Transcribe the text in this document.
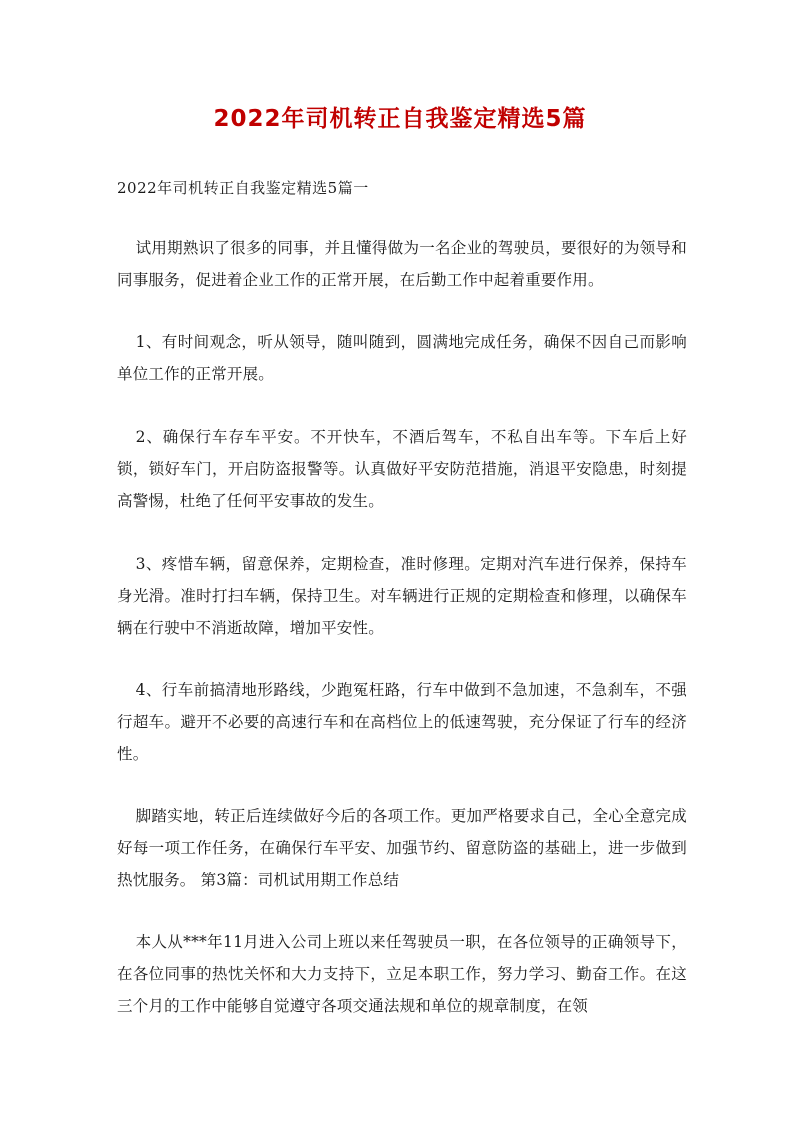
2022年司机转正自我鉴定精选5篇
2022年司机转正自我鉴定精选5篇一
试用期熟识了很多的同事，并且懂得做为一名企业的驾驶员，要很好的为领导和同事服务，促进着企业工作的正常开展，在后勤工作中起着重要作用。
1、有时间观念，听从领导，随叫随到，圆满地完成任务，确保不因自己而影响单位工作的正常开展。
2、确保行车存车平安。不开快车，不酒后驾车，不私自出车等。下车后上好锁，锁好车门，开启防盗报警等。认真做好平安防范措施，消退平安隐患，时刻提高警惕，杜绝了任何平安事故的发生。
3、疼惜车辆，留意保养，定期检查，准时修理。定期对汽车进行保养，保持车身光滑。准时打扫车辆，保持卫生。对车辆进行正规的定期检查和修理，以确保车辆在行驶中不消逝故障，增加平安性。
4、行车前搞清地形路线，少跑冤枉路，行车中做到不急加速，不急刹车，不强行超车。避开不必要的高速行车和在高档位上的低速驾驶，充分保证了行车的经济性。
脚踏实地，转正后连续做好今后的各项工作。更加严格要求自己，全心全意完成好每一项工作任务，在确保行车平安、加强节约、留意防盗的基础上，进一步做到热忱服务。 第3篇：司机试用期工作总结
本人从***年11月进入公司上班以来任驾驶员一职，在各位领导的正确领导下，在各位同事的热忱关怀和大力支持下，立足本职工作，努力学习、勤奋工作。在这三个月的工作中能够自觉遵守各项交通法规和单位的规章制度，在领
